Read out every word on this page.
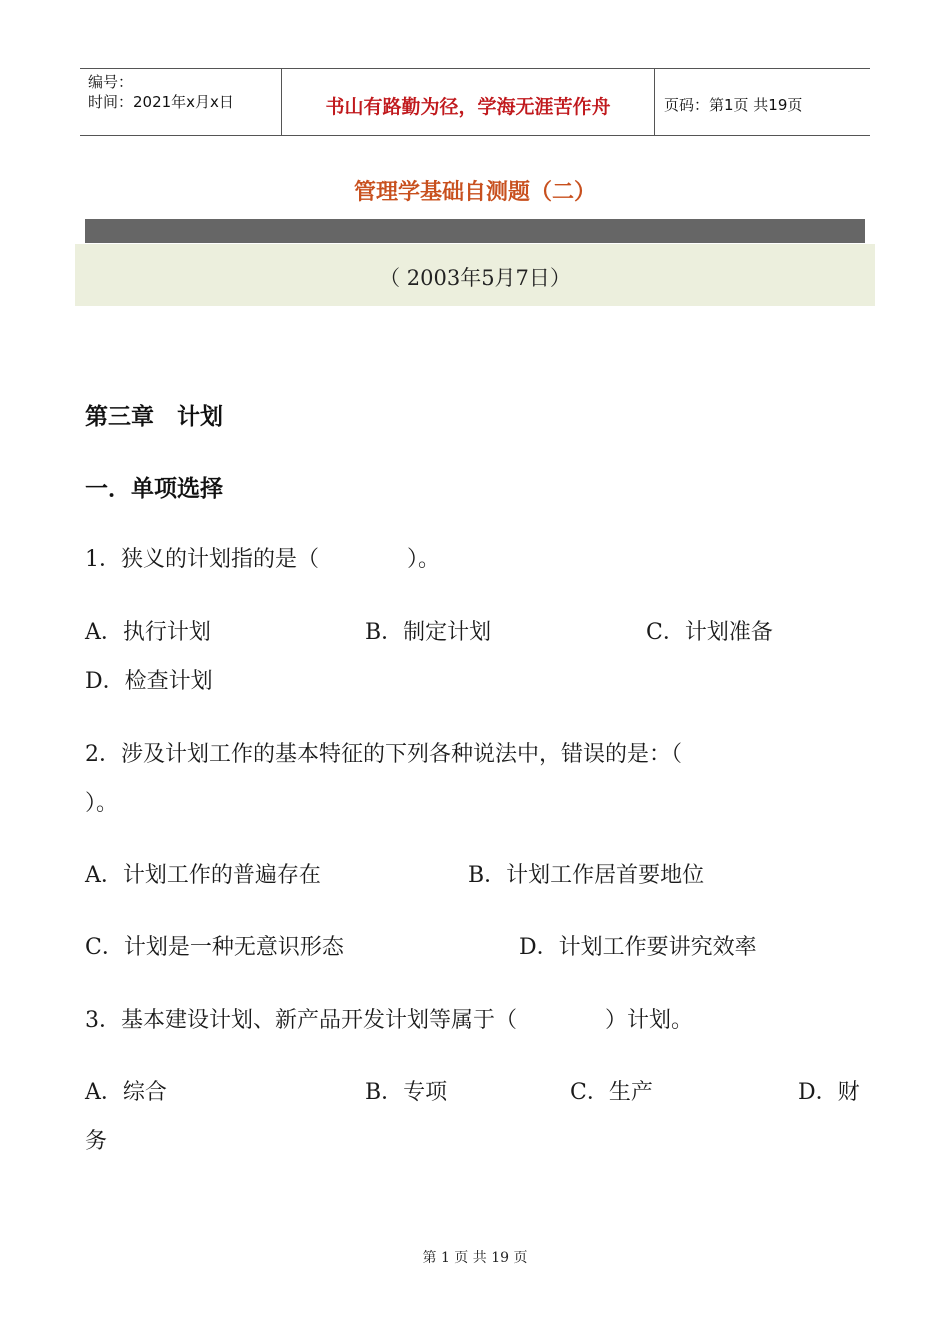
编号：
时间：2021年x月x日	书山有路勤为径，学海无涯苦作舟	页码：第1页 共19页
管理学基础自测题（二）
（ 2003年5月7日）
第三章　计划
一．单项选择
1．狭义的计划指的是（　　　　）。
A．执行计划	B．制定计划	C．计划准备
D．检查计划
2．涉及计划工作的基本特征的下列各种说法中，错误的是：（
）。
A．计划工作的普遍存在	B．计划工作居首要地位
C．计划是一种无意识形态	D．计划工作要讲究效率
3．基本建设计划、新产品开发计划等属于（　　　　）计划。
A．综合	B．专项	C．生产	D．财
务
第 1 页 共 19 页
